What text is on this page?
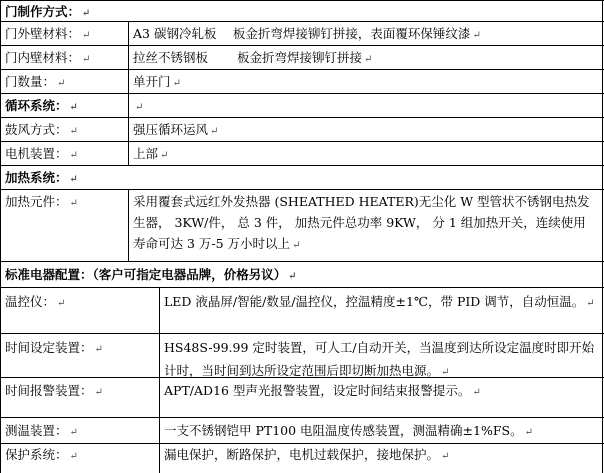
门制作方式： ↵
门外壁材料： ↵	A3 碳钢冷轧板　 板金折弯焊接铆钉拼接，表面覆环保锤纹漆 ↵
门内壁材料： ↵	拉丝不锈钢板　　 板金折弯焊接铆钉拼接 ↵
门数量： ↵	单开门 ↵
循环系统： ↵	↵
鼓风方式： ↵	强压循环运风 ↵
电机装置： ↵	上部 ↵
加热系统： ↵
加热元件： ↵	采用覆套式远红外发热器 (SHEATHED HEATER)无尘化 W 型管状不锈钢电热发生器， 3KW/件， 总 3 件， 加热元件总功率 9KW， 分 1 组加热开关，连续使用寿命可达 3 万-5 万小时以上 ↵
标准电器配置：（客户可指定电器品牌，价格另议） ↵
温控仪： ↵	LED 液晶屏/智能/数显/温控仪，控温精度±1℃，带 PID 调节，自动恒温。 ↵
时间设定装置： ↵	HS48S-99.99 定时装置，可人工/自动开关，当温度到达所设定温度时即开始计时，当时间到达所设定范围后即切断加热电源。 ↵
时间报警装置： ↵	APT/AD16 型声光报警装置，设定时间结束报警提示。 ↵
测温装置： ↵	一支不锈钢铠甲 PT100 电阻温度传感装置，测温精确±1%FS。 ↵
保护系统： ↵	漏电保护，断路保护，电机过载保护，接地保护。 ↵
